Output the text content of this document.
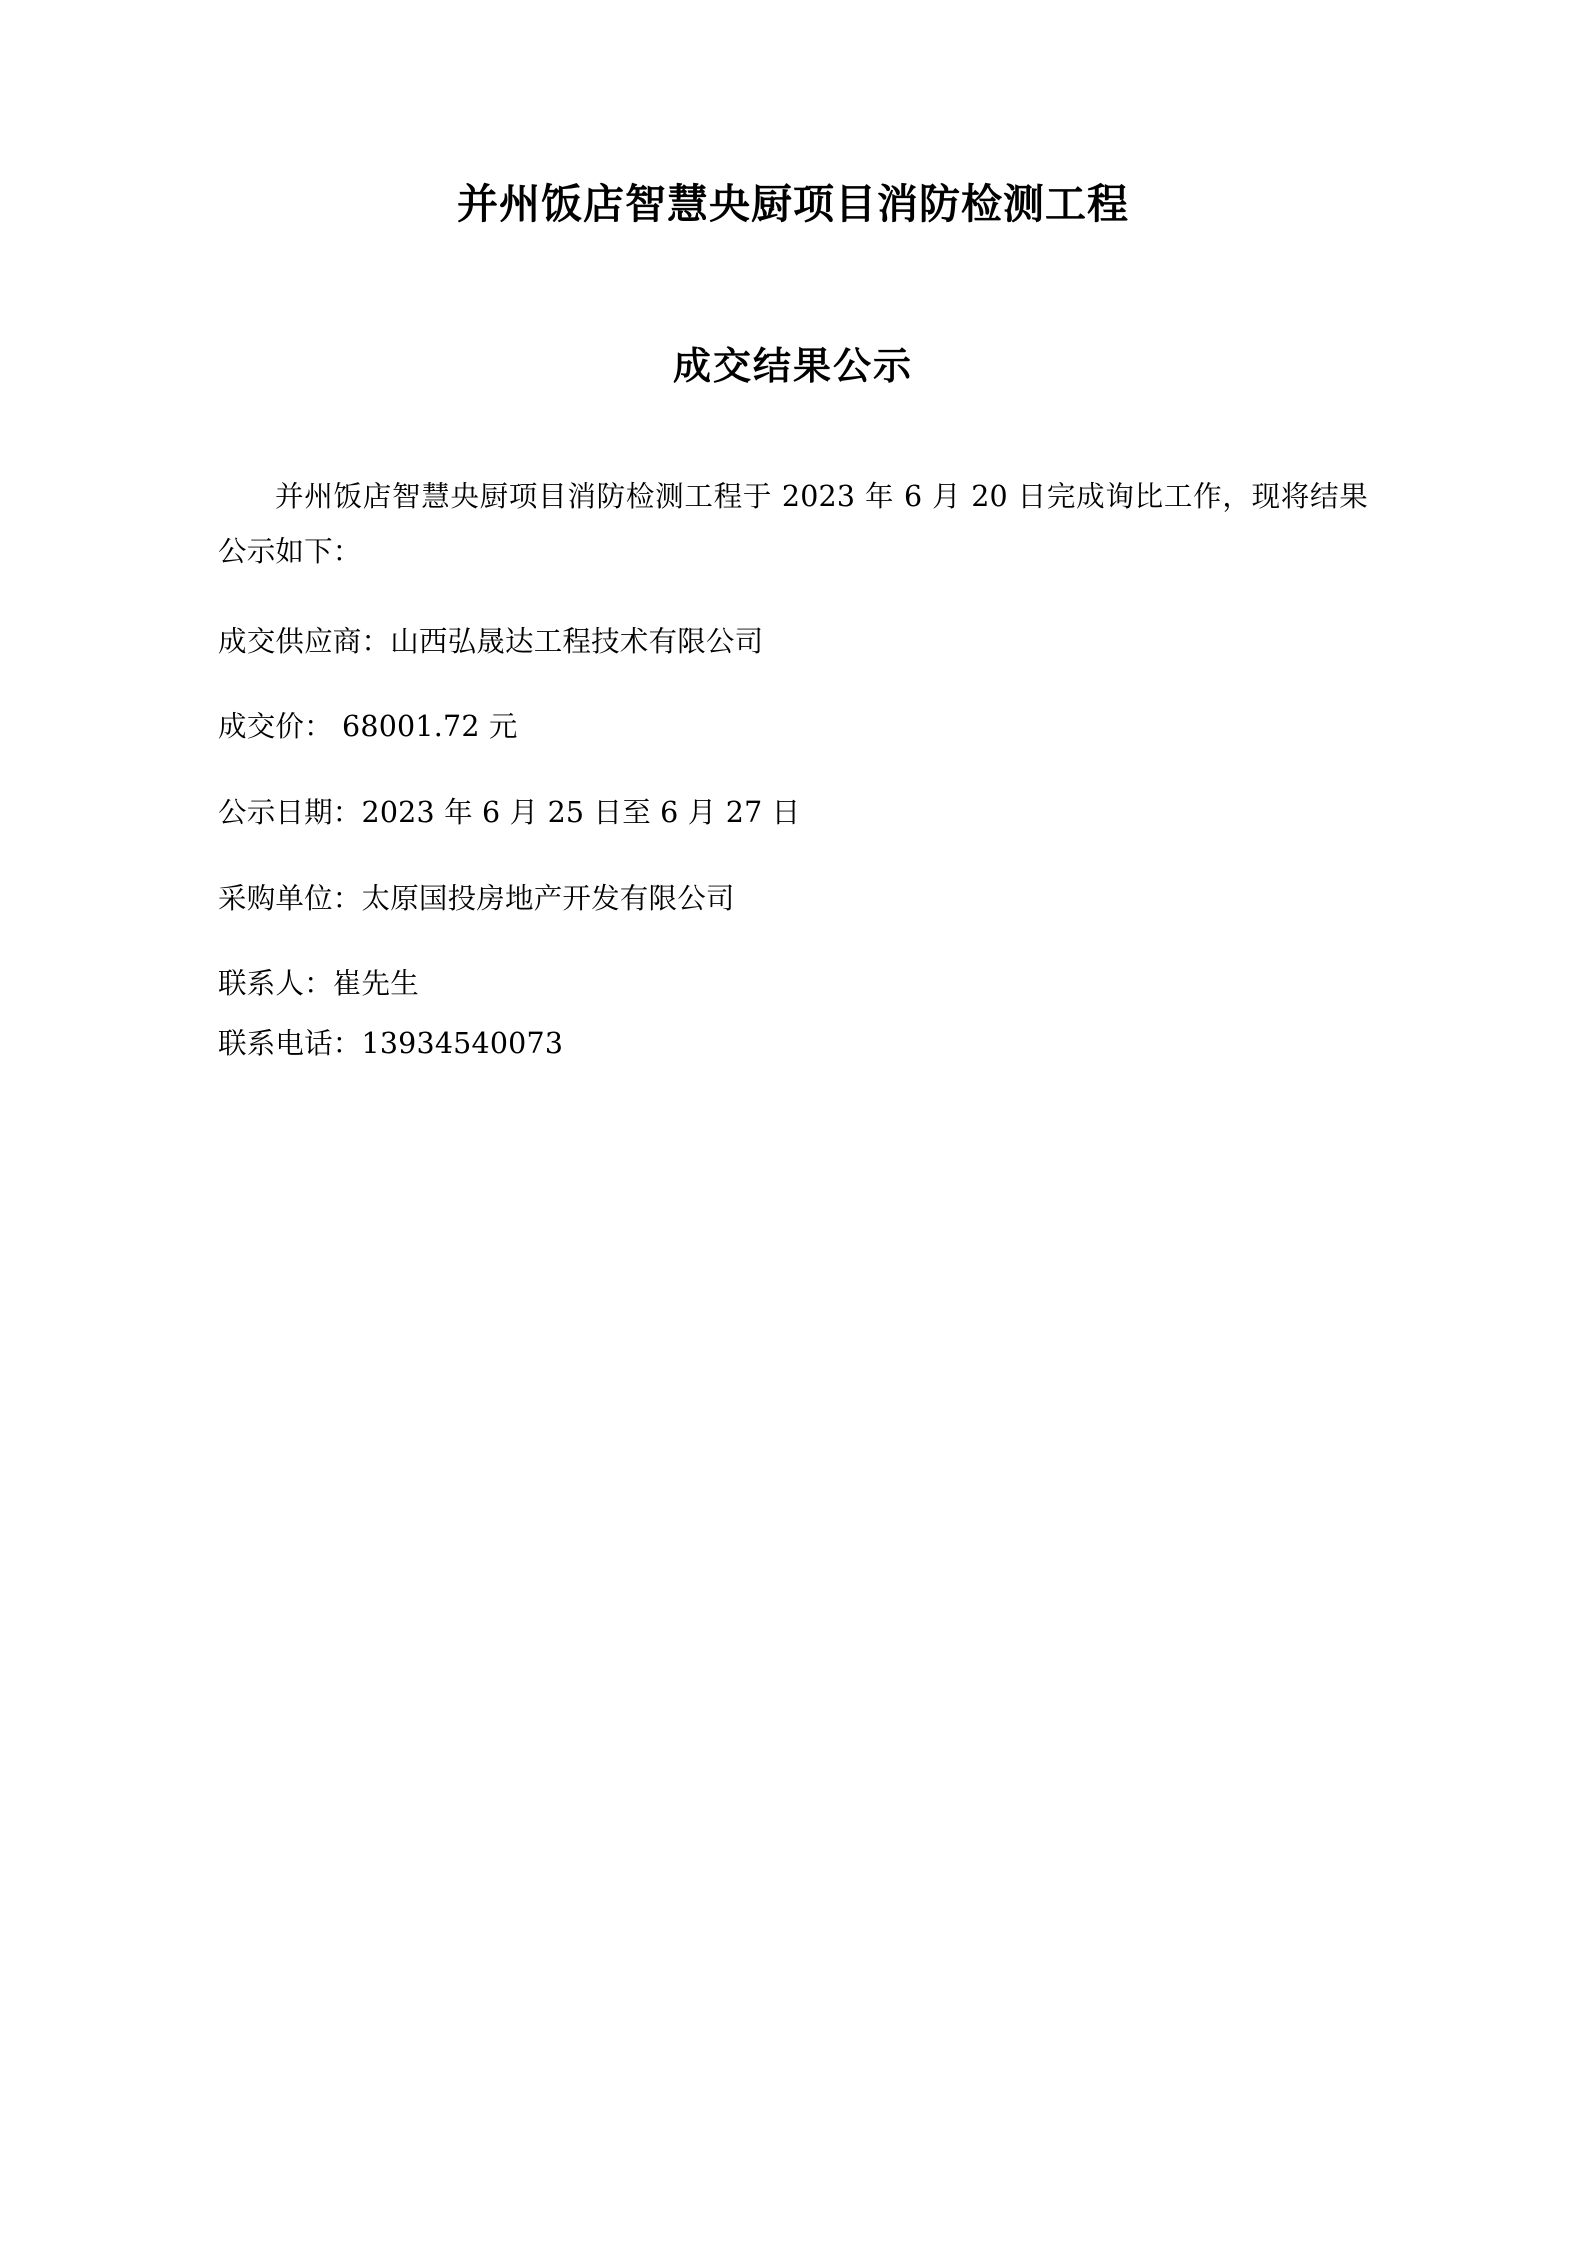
并州饭店智慧央厨项目消防检测工程
成交结果公示

并州饭店智慧央厨项目消防检测工程于 2023 年 6 月 20 日完成询比工作，现将结果公示如下：

成交供应商：山西弘晟达工程技术有限公司

成交价： 68001.72 元

公示日期：2023 年 6 月 25 日至 6 月 27 日

采购单位：太原国投房地产开发有限公司

联系人：崔先生

联系电话：13934540073
